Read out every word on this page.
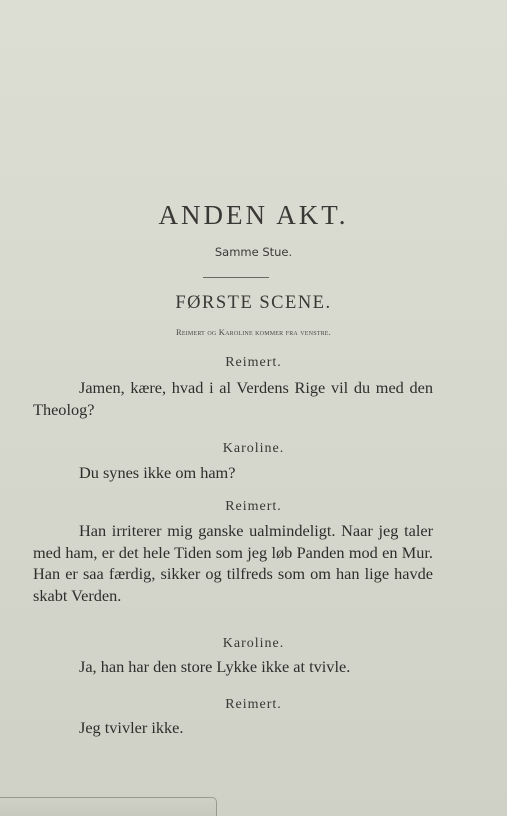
ANDEN AKT.
Samme Stue.
FØRSTE SCENE.
Reimert og Karoline kommer fra venstre.
Reimert.
Jamen, kære, hvad i al Verdens Rige vil du med den Theolog?
Karoline.
Du synes ikke om ham?
Reimert.
Han irriterer mig ganske ualmindeligt. Naar jeg taler med ham, er det hele Tiden som jeg løb Panden mod en Mur. Han er saa færdig, sikker og tilfreds som om han lige havde skabt Verden.
Karoline.
Ja, han har den store Lykke ikke at tvivle.
Reimert.
Jeg tvivler ikke.
